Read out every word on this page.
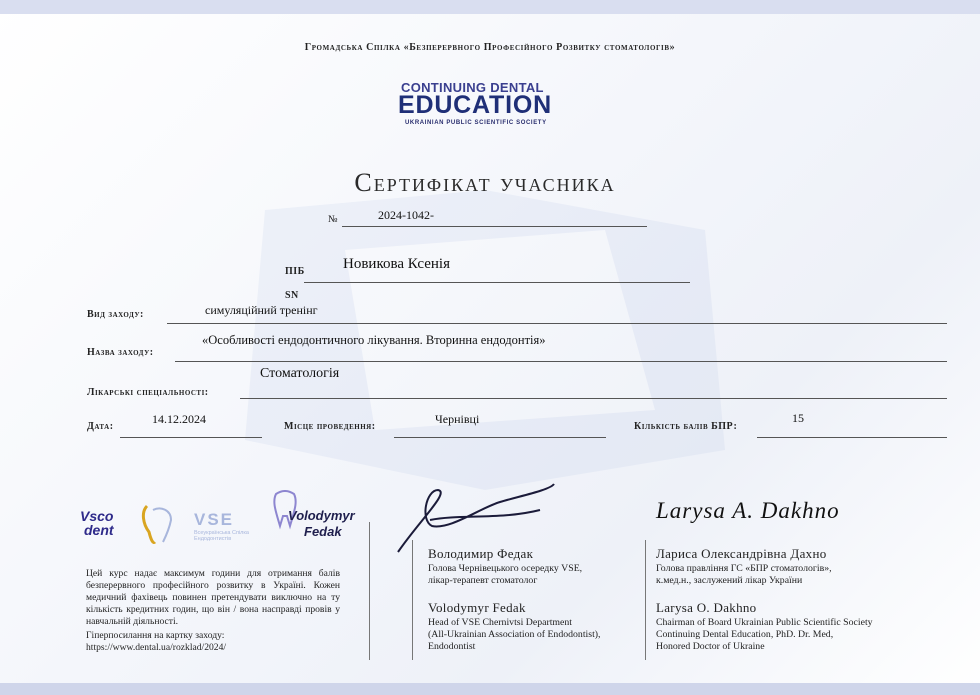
Громадська Спілка «Безперервного Професійного Розвитку стоматологів»
CONTINUING DENTAL
EDUCATION
UKRAINIAN PUBLIC SCIENTIFIC SOCIETY
Сертифікат учасника
№	2024-1042-
ПІБ	Новикова Ксенія
SN
Вид заходу:	симуляційний тренінг
Назва заходу:
«Особливості ендодонтичного лікування. Вторинна ендодонтія»
Лікарські спеціальності:
Стоматологія
Дата:
14.12.2024
Місце проведення:
Чернівці
Кількість балів БПР:
15
Vsco
dent
VSE
Всеукраїнська Спілка
Ендодонтистів
Volodymyr
Fedak
Цей курс надає максимум години для отримання балів безперервного професійного розвитку в Україні. Кожен медичний фахівець повинен претендувати виключно на ту кількість кредитних годин, що він / вона насправді провів у навчальній діяльності.
Гіперпосилання на картку заходу:
https://www.dental.ua/rozklad/2024/
Володимир Федак
Голова Чернівецького осередку VSE,
лікар-терапевт стоматолог
Volodymyr Fedak
Head of VSE Chernivtsi Department
(All-Ukrainian Association of Endodontist),
Endodontist
Larysa A. Dakhno
Лариса Олександрівна Дахно
Голова правління ГС «БПР стоматологів»,
к.мед.н., заслужений лікар України
Larysa O. Dakhno
Chairman of Board Ukrainian Public Scientific Society
Continuing Dental Education, PhD. Dr. Med,
Honored Doctor of Ukraine
